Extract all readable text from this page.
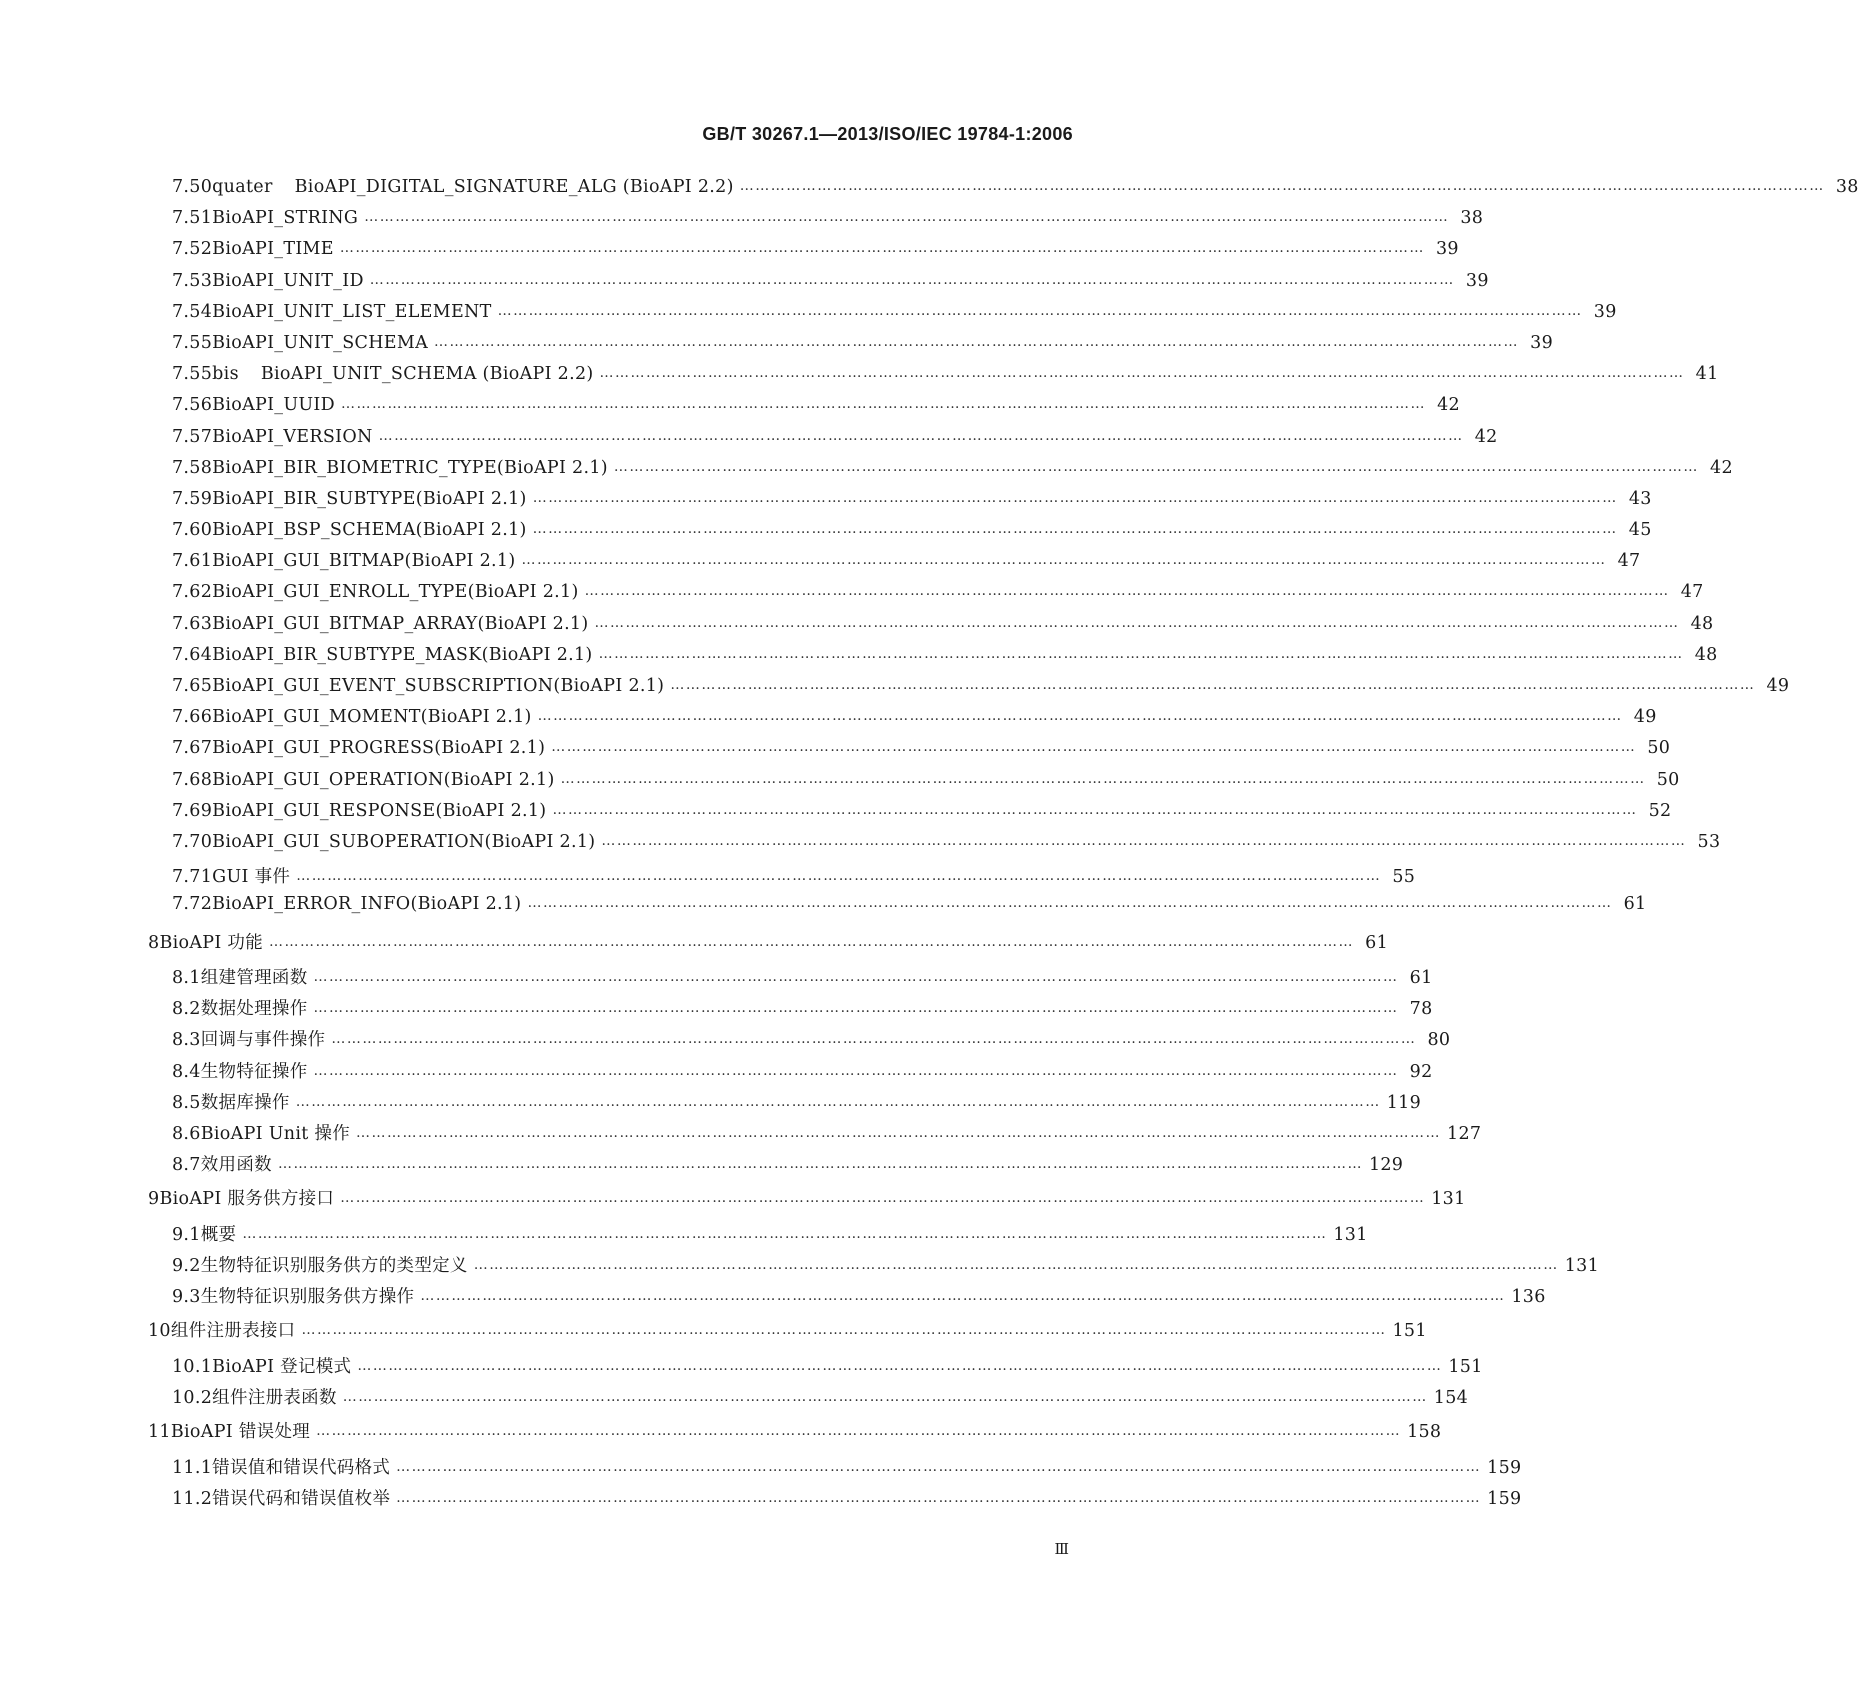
GB/T 30267.1—2013/ISO/IEC 19784-1:2006
7.50quater BioAPI_DIGITAL_SIGNATURE_ALG (BioAPI 2.2) ………………………………………………………………………………………………………………………………………………………………………………………… 38
7.51 BioAPI_STRING ………………………………………………………………………………………………………………………………………………………………………………………… 38
7.52 BioAPI_TIME ………………………………………………………………………………………………………………………………………………………………………………………… 39
7.53 BioAPI_UNIT_ID ………………………………………………………………………………………………………………………………………………………………………………………… 39
7.54 BioAPI_UNIT_LIST_ELEMENT ………………………………………………………………………………………………………………………………………………………………………………………… 39
7.55 BioAPI_UNIT_SCHEMA ………………………………………………………………………………………………………………………………………………………………………………………… 39
7.55bis BioAPI_UNIT_SCHEMA (BioAPI 2.2) ………………………………………………………………………………………………………………………………………………………………………………………… 41
7.56 BioAPI_UUID ………………………………………………………………………………………………………………………………………………………………………………………… 42
7.57 BioAPI_VERSION ………………………………………………………………………………………………………………………………………………………………………………………… 42
7.58 BioAPI_BIR_BIOMETRIC_TYPE(BioAPI 2.1) ………………………………………………………………………………………………………………………………………………………………………………………… 42
7.59 BioAPI_BIR_SUBTYPE(BioAPI 2.1) ………………………………………………………………………………………………………………………………………………………………………………………… 43
7.60 BioAPI_BSP_SCHEMA(BioAPI 2.1) ………………………………………………………………………………………………………………………………………………………………………………………… 45
7.61 BioAPI_GUI_BITMAP(BioAPI 2.1) ………………………………………………………………………………………………………………………………………………………………………………………… 47
7.62 BioAPI_GUI_ENROLL_TYPE(BioAPI 2.1) ………………………………………………………………………………………………………………………………………………………………………………………… 47
7.63 BioAPI_GUI_BITMAP_ARRAY(BioAPI 2.1) ………………………………………………………………………………………………………………………………………………………………………………………… 48
7.64 BioAPI_BIR_SUBTYPE_MASK(BioAPI 2.1) ………………………………………………………………………………………………………………………………………………………………………………………… 48
7.65 BioAPI_GUI_EVENT_SUBSCRIPTION(BioAPI 2.1) ………………………………………………………………………………………………………………………………………………………………………………………… 49
7.66 BioAPI_GUI_MOMENT(BioAPI 2.1) ………………………………………………………………………………………………………………………………………………………………………………………… 49
7.67 BioAPI_GUI_PROGRESS(BioAPI 2.1) ………………………………………………………………………………………………………………………………………………………………………………………… 50
7.68 BioAPI_GUI_OPERATION(BioAPI 2.1) ………………………………………………………………………………………………………………………………………………………………………………………… 50
7.69 BioAPI_GUI_RESPONSE(BioAPI 2.1) ………………………………………………………………………………………………………………………………………………………………………………………… 52
7.70 BioAPI_GUI_SUBOPERATION(BioAPI 2.1) ………………………………………………………………………………………………………………………………………………………………………………………… 53
7.71 GUI 事件 ………………………………………………………………………………………………………………………………………………………………………………………… 55
7.72 BioAPI_ERROR_INFO(BioAPI 2.1) ………………………………………………………………………………………………………………………………………………………………………………………… 61
8 BioAPI 功能 ………………………………………………………………………………………………………………………………………………………………………………………… 61
8.1 组建管理函数 ………………………………………………………………………………………………………………………………………………………………………………………… 61
8.2 数据处理操作 ………………………………………………………………………………………………………………………………………………………………………………………… 78
8.3 回调与事件操作 ………………………………………………………………………………………………………………………………………………………………………………………… 80
8.4 生物特征操作 ………………………………………………………………………………………………………………………………………………………………………………………… 92
8.5 数据库操作 ………………………………………………………………………………………………………………………………………………………………………………………… 119
8.6 BioAPI Unit 操作 ………………………………………………………………………………………………………………………………………………………………………………………… 127
8.7 效用函数 ………………………………………………………………………………………………………………………………………………………………………………………… 129
9 BioAPI 服务供方接口 ………………………………………………………………………………………………………………………………………………………………………………………… 131
9.1 概要 ………………………………………………………………………………………………………………………………………………………………………………………… 131
9.2 生物特征识别服务供方的类型定义 ………………………………………………………………………………………………………………………………………………………………………………………… 131
9.3 生物特征识别服务供方操作 ………………………………………………………………………………………………………………………………………………………………………………………… 136
10 组件注册表接口 ………………………………………………………………………………………………………………………………………………………………………………………… 151
10.1 BioAPI 登记模式 ………………………………………………………………………………………………………………………………………………………………………………………… 151
10.2 组件注册表函数 ………………………………………………………………………………………………………………………………………………………………………………………… 154
11 BioAPI 错误处理 ………………………………………………………………………………………………………………………………………………………………………………………… 158
11.1 错误值和错误代码格式 ………………………………………………………………………………………………………………………………………………………………………………………… 159
11.2 错误代码和错误值枚举 ………………………………………………………………………………………………………………………………………………………………………………………… 159
Ⅲ
